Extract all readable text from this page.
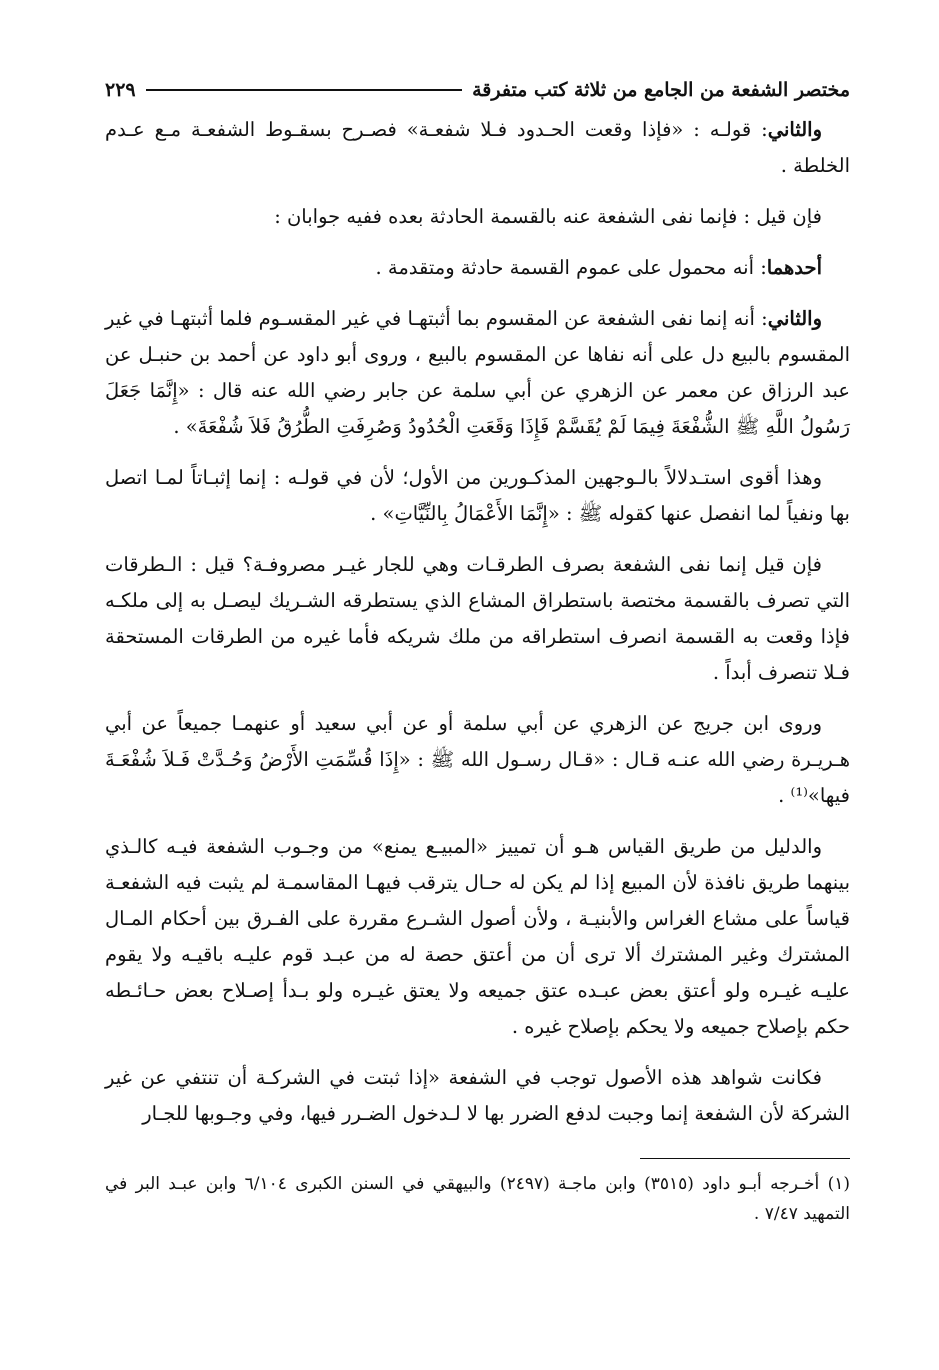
مختصر الشفعة من الجامع من ثلاثة كتب متفرقة
٢٢٩

والثاني: قولـه : «فإذا وقعت الحـدود فـلا شفعـة» فصـرح بسقـوط الشفعـة مـع عـدم الخلطة .

فإن قيل : فإنما نفى الشفعة عنه بالقسمة الحادثة بعده ففيه جوابان :

أحدهما: أنه محمول على عموم القسمة حادثة ومتقدمة .

والثاني: أنه إنما نفى الشفعة عن المقسوم بما أثبتهـا في غير المقسـوم فلما أثبتهـا في غير المقسوم بالبيع دل على أنه نفاها عن المقسوم بالبيع ، وروى أبو داود عن أحمد بن حنبـل عن عبد الرزاق عن معمر عن الزهري عن أبي سلمة عن جابر رضي الله عنه قال : «إِنَّمَا جَعَلَ رَسُولُ اللَّهِ ﷺ الشُّفْعَةَ فِيمَا لَمْ يُقَسَّمْ فَإِذَا وَقَعَتِ الْحُدُودُ وَصُرِفَتِ الطُّرُقُ فَلاَ شُفْعَةَ» .

وهذا أقوى استـدلالاً بالـوجهين المذكـورين من الأول؛ لأن في قولـه : إنما إثبـاتاً لمـا اتصل بها ونفياً لما انفصل عنها كقوله ﷺ : «إِنَّمَا الأَعْمَالُ بِالنِّيَّاتِ» .

فإن قيل إنما نفى الشفعة بصرف الطرقـات وهي للجار غيـر مصروفـة؟ قيل : الـطرقات التي تصرف بالقسمة مختصة باستطراق المشاع الذي يستطرقه الشـريك ليصـل به إلى ملكـه فإذا وقعت به القسمة انصرف استطراقه من ملك شريكه فأما غيره من الطرقات المستحقة فـلا تنصرف أبداً .

وروى ابن جريج عن الزهري عن أبي سلمة أو عن أبي سعيد أو عنهمـا جميعاً عن أبي هـريـرة رضي الله عنـه قـال : «قـال رسـول الله ﷺ : «إِذَا قُسِّمَتِ الأَرْضُ وَحُـدَّتْ فَـلاَ شُفْعَـةَ فيها»⁽¹⁾ .

والدليل من طريق القياس هـو أن تمييز «المبيـع يمنع» من وجـوب الشفعة فيـه كالـذي بينهما طريق نافذة لأن المبيع إذا لم يكن له حـال يترقب فيهـا المقاسمـة لم يثبت فيه الشفعـة قياساً على مشاع الغراس والأبنيـة ، ولأن أصول الشـرع مقررة على الفـرق بين أحكام المـال المشترك وغير المشترك ألا ترى أن من أعتق حصة له من عبـد قوم عليـه باقيـه ولا يقوم عليـه غيـره ولو أعتق بعض عبـده عتق جميعه ولا يعتق غيـره ولو بـدأ إصـلاح بعض حـائـطه حكم بإصلاح جميعه ولا يحكم بإصلاح غيره .

فكانت شواهد هذه الأصول توجب في الشفعة «إذا ثبتت في الشركـة أن تنتفي عن غير الشركة لأن الشفعة إنما وجبت لدفع الضرر بها لا لـدخول الضـرر فيها، وفي وجـوبها للجـار

(١) أخـرجه أبـو داود (٣٥١٥) وابن ماجـة (٢٤٩٧) والبيهقي في السنن الكبرى ٦/١٠٤ وابن عبـد البر في التمهيد ٧/٤٧ .
